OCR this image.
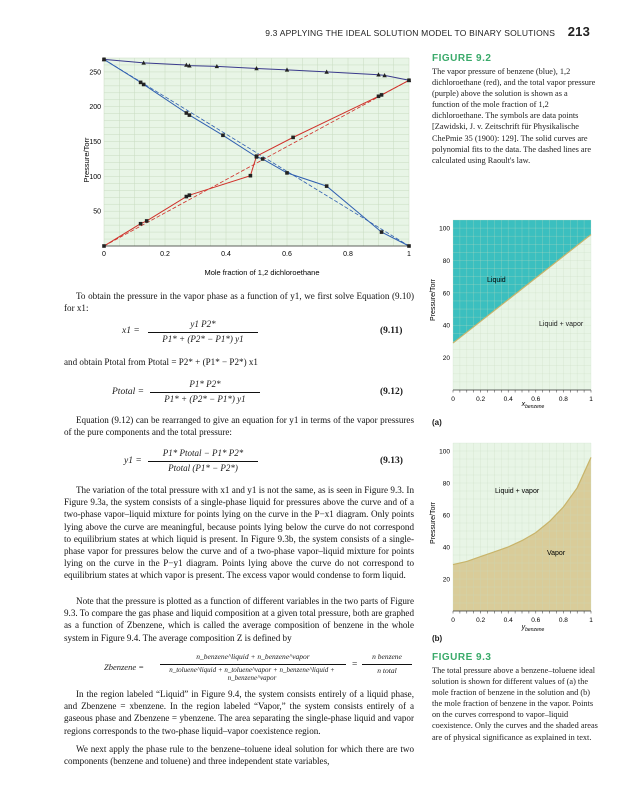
9.3 APPLYING THE IDEAL SOLUTION MODEL TO BINARY SOLUTIONS 213
0	0.2	0.4	0.6	0.8	1
50
100
150
200
250
Mole fraction of 1,2 dichloroethane
Pressure/Torr
FIGURE 9.2
The vapor pressure of benzene (blue), 1,2 dichloroethane (red), and the total vapor pressure (purple) above the solution is shown as a function of the mole fraction of 1,2 dichloroethane. The symbols are data points [Zawidski, J. v. Zeitschrift für Physikalische ChePmie 35 (1900): 129]. The solid curves are polynomial fits to the data. The dashed lines are calculated using Raoult's law.
0	0.2	0.4	0.6	0.8	1
20
40
60
80
100
Liquid
Liquid + vapor
Pressure/Torr
$x_{benzene}$
(a)
0	0.2	0.4	0.6	0.8	1
20
40
60
80
100
Liquid + vapor
Vapor
Pressure/Torr
$y_{benzene}$
(b)
FIGURE 9.3
The total pressure above a benzene–toluene ideal solution is shown for different values of (a) the mole fraction of benzene in the solution and (b) the mole fraction of benzene in the vapor. Points on the curves correspond to vapor–liquid coexistence. Only the curves and the shaded areas are of physical significance as explained in text.
To obtain the pressure in the vapor phase as a function of y1, we first solve Equation (9.10) for x1:
x1 =
y1 P2*
P1* + (P2* − P1*) y1
(9.11)
and obtain Ptotal from Ptotal = P2* + (P1* − P2*) x1
Ptotal =
P1* P2*
P1* + (P2* − P1*) y1
(9.12)
Equation (9.12) can be rearranged to give an equation for y1 in terms of the vapor pressures of the pure components and the total pressure:
y1 =
P1* Ptotal − P1* P2*
Ptotal (P1* − P2*)
(9.13)
The variation of the total pressure with x1 and y1 is not the same, as is seen in Figure 9.3. In Figure 9.3a, the system consists of a single-phase liquid for pressures above the curve and of a two-phase vapor–liquid mixture for points lying on the curve in the P−x1 diagram. Only points lying above the curve are meaningful, because points lying below the curve do not correspond to equilibrium states at which liquid is present. In Figure 9.3b, the system consists of a single-phase vapor for pressures below the curve and of a two-phase vapor–liquid mixture for points lying on the curve in the P−y1 diagram. Points lying above the curve do not correspond to equilibrium states at which vapor is present. The excess vapor would condense to form liquid.
Note that the pressure is plotted as a function of different variables in the two parts of Figure 9.3. To compare the gas phase and liquid composition at a given total pressure, both are graphed as a function of Zbenzene, which is called the average composition of benzene in the whole system in Figure 9.4. The average composition Z is defined by
Zbenzene =
n_benzene^liquid + n_benzene^vapor
n_toluene^liquid + n_toluene^vapor + n_benzene^liquid + n_benzene^vapor
=
n benzene
n total
In the region labeled “Liquid” in Figure 9.4, the system consists entirely of a liquid phase, and Zbenzene = xbenzene. In the region labeled “Vapor,” the system consists entirely of a gaseous phase and Zbenzene = ybenzene. The area separating the single-phase liquid and vapor regions corresponds to the two-phase liquid–vapor coexistence region.
We next apply the phase rule to the benzene–toluene ideal solution for which there are two components (benzene and toluene) and three independent state variables,
